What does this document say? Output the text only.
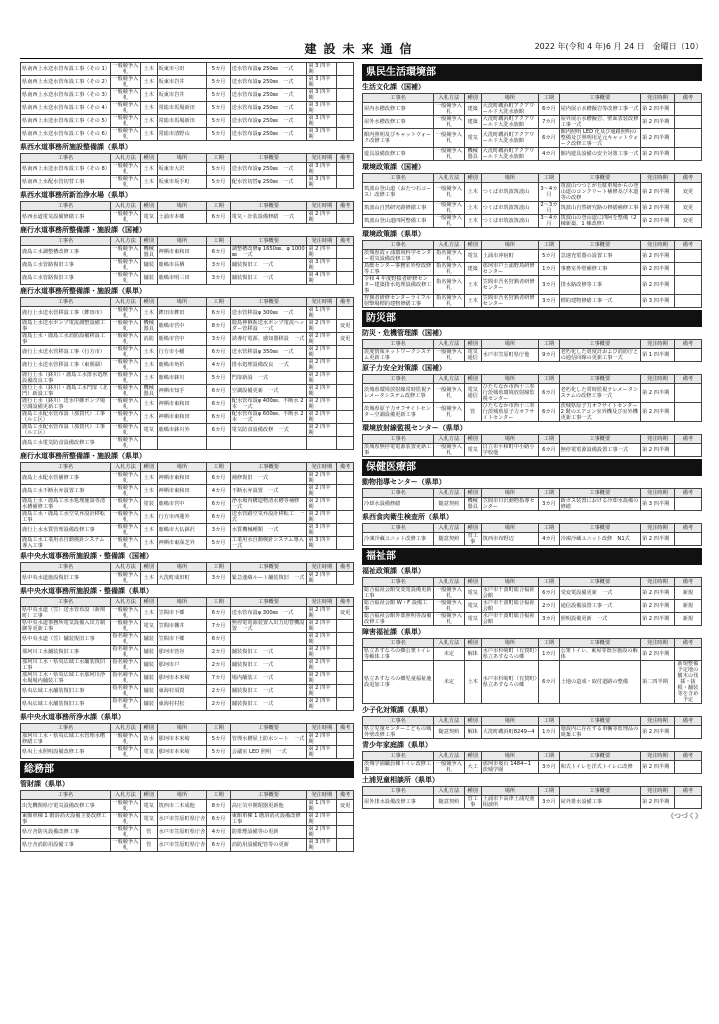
建設未来通信	2022 年(令和 4 年)6 月 24 日　金曜日（10）
県南西上水送水管布設工事（その 1）	一般競争入札	土木	坂東市弓田	5カ月	送水管布設φ 250㎜　一式	第 3 四半期	
県南西上水送水管布設工事（その 2）	一般競争入札	土木	坂東市岩井	5カ月	送水管布設φ 250㎜　一式	第 3 四半期	
県南西上水送水管布設工事（その 3）	一般競争入札	土木	坂東市岩井	5カ月	送水管布設φ 250㎜　一式	第 3 四半期	
県南西上水送水管布設工事（その 4）	一般競争入札	土木	常総市馬場新田	5カ月	送水管布設φ 250㎜　一式	第 3 四半期	
県南西上水送水管布設工事（その 5）	一般競争入札	土木	常総市馬場新田	5カ月	送水管布設φ 250㎜　一式	第 3 四半期	
県南西上水送水管布設工事（その 6）	一般競争入札	土木	常総市清野山	5カ月	送水管布設φ 250㎜　一式	第 3 四半期	
県西水道事務所施設整備課（県単）
工事名	入札方法	種別	場所	工期	工事概要	発注時期	備考
県南西上水送水管布設工事（その 8）	一般競争入札	土木	坂東市大沢	5カ月	送水管布設φ 250㎜　一式	第 3 四半期	
県南西上水配水管切替工事	一般競争入札	土木	坂東市坂手町	5カ月	配水管切替φ 250㎜　一式	第 3 四半期	
県西水道事務所新治浄水場（県単）
工事名	入札方法	種別	場所	工期	工事概要	発注時期	備考
県西水道電気設備修繕工事	一般競争入札	電気	土浦市本郷	6カ月	電気・計装設備修繕　一式	第 2 四半期	
鹿行水道事務所整備課・施設課（国補）
工事名	入札方法	種別	場所	工期	工事概要	発注時期	備考
鹿島工水調整槽改修工事	一般競争入札	機械器具	神栖市東和田	6カ月	調整槽改修φ 1650㎜、φ 1000㎜　一式	第 2 四半期	
鹿島工水管路復旧工事	一般競争入札	舗装	鹿嶋市長栖	3カ月	舗装復旧工　一式	第 3 四半期	
鹿島工水管路復旧工事	一般競争入札	舗装	鹿嶋市明三田	3カ月	舗装復旧工　一式	第 4 四半期	
鹿行水道事務所整備課・施設課（県単）
工事名	入札方法	種別	場所	工期	工事概要	発注時期	備考
鹿行上水送水管移設工事（鉾田市）	一般競争入札	土木	鉾田市鉾田	6カ月	送水管移設φ 300㎜　一式	第 1 四半期	
鹿島上水送水ポンプ電流調整設備工事	一般競争入札	機械器具	鹿嶋市宮中	8カ月	鹿島神栖系送水ポンプ電流ヘッダー管移設　一式	第 2 四半期	変更
鹿島上水・鹿島工水消防設備移設工事	一般競争入札	消防	鹿嶋市宮中	3カ月	誘導灯電源、感知器移設　一式	第 2 四半期	変更
鹿行上水送水管移設工事（行方市）	一般競争入札	土木	行方市小幡	6カ月	送水管移設φ 350㎜　一式	第 2 四半期	
鹿行上水送水管移設工事（東関湖）	一般競争入札	土木	鹿嶋市角折	4カ月	排水処理設備改良　一式	第 2 四半期	
鹿行上水（鉢川）・鹿島工水排水処理設備改良工事	一般競争入札	土木	鹿嶋市鉢川	5カ月	門扉新設　一式	第 2 四半期	
鹿行上水（鉢川）・鹿島工水門扉（北門）新設工事	一般競争入札	機械器具	神栖市知手	6カ月	空調設備更新　一式	第 2 四半期	
鹿行上水（鉢川）送水中継ポンプ場空調設備更新工事	一般競争入札	土木	神栖市東和田	6カ月	配水管布設φ 400㎜、不断水 2 本　一式	第 2 四半期	
鹿島工水配水管布設（那賀代）工事（ル工区）	一般競争入札	土木	神栖市東和田	6カ月	配水管布設φ 600㎜、不断水 2 本　一式	第 2 四半期	
鹿島工水配水管布設（那賀代）工事（ル工区）	一般競争入札	電気	鹿嶋市鉢川外	6カ月	電気防食設備改修　一式	第 2 四半期	
鹿島工水電気防食設備改修工事	一般競争入札						
鹿行水道事務所整備課・施設課（県単）
工事名	入札方法	種別	場所	工期	工事概要	発注時期	備考
鹿島上水配水管補修工事	一般競争入札	土木	神栖市東和田	6カ月	補修復旧　一式	第 2 四半期	
鹿島工水不断水弁設置工事	一般競争入札	土木	神栖市東和田	4カ月	不断水弁設置　一式	第 2 四半期	
鹿島上水・鹿島工水水処理施設等清水槽補修工事	一般競争入札	塗装	鹿嶋市宮中	6カ月	浄水場内構造物清水槽等補修　一式	第 2 四半期	
鹿島工水・鹿島工水空気弁設計移転工事	一般競争入札	土木	行方市西蓮外	6カ月	送水管路空気弁設計移転工　一式	第 2 四半期	
鹿行上水水質管理設備改修工事	一般競争入札	土木	鹿嶋市大仏鉢沢	3カ月	水質機械種類　一式	第 3 四半期	
鹿島工水工業用水自動検針システム導入工事	一般競争入札	土木	神栖市東深芝外	5カ月	工業用水自動検針システム導入　一式	第 3 四半期	
県中央水道事務所施設課・整備課（国補）
工事名	入札方法	種別	場所	工期	工事概要	発注時期	備考
県中央水道施設復旧工事	一般競争入札	土木	大洗町成田町	3カ月	緊急連絡ルート舗装復旧　一式	第 2 四半期	
県中央水道事務所施設課・整備課（県単）
工事名	入札方法	種別	場所	工期	工事概要	発注時期	備考
県中央水道（笠）送水管布設（新関町）工事	一般競争入札	土木	笠間市下郷	6カ月	送水管布設φ 300㎜　一式	第 2 四半期	変更
県中央水道事務所電気設備入出力制御等更新工事	一般競争入札	電気	笠間市棚井	7カ月	無停電電源装置入出力切替機設置　一式	第 2 四半期	
県中央水道（笠）舗装復旧工事	指名競争入札	舗装	笠間市下郷	6カ月		第 2 四半期	
那珂川工水舗装復旧工事	指名競争入札	舗装	那珂市菅谷	2カ月	舗装復旧工　一式	第 2 四半期	
那珂川工水・県央広域工水舗装復旧工事	指名競争入札	舗装	那珂市戸	2カ月	舗装復旧工　一式	第 2 四半期	
那珂川工水・県央広域工水那珂川浄水場場内舗装工事	指名競争入札	舗装	那珂市本米崎	7カ月	場内舗装工　一式	第 2 四半期	
県央広域工水舗装復旧工事	指名競争入札	舗装	東海村須賀	2カ月	舗装復旧工　一式	第 2 四半期	
県央広域工水舗装復旧工事	指名競争入札	舗装	東海村村松	2カ月	舗装復旧工　一式	第 2 四半期	
県中央水道事務所浄水課（県単）
工事名	入札方法	種別	場所	工期	工事概要	発注時期	備考
那珂川工水・県央広域工水管理水槽修繕工事	一般競争入札	防水	那珂市本米崎	5カ月	管理水槽屋上防水シート　一式	第 2 四半期	
県央上水照明設備改修工事	一般競争入札	電気	那珂市本米崎	5カ月	会議室 LED 照明　一式	第 2 四半期	
総務部
管財課（県単）
工事名	入札方法	種別	場所	工期	工事概要	発注時期	備考
出先機関県庁電気設備改修工事	一般競争入札	電気	筑西市二木成他	8カ月	高圧気中開閉器更新他	第 1 四半期	変更
東館車棟 1 階浴消火設備主要改修工事	一般競争入札	電気	水戸市笠原町県庁舎	6カ月	東館車棟 1 階浴消火設備改修工事	第 2 四半期	
県庁舎防災設備改修工事	一般競争入札	管	水戸市笠原町県庁舎	4カ月	防排煙設備等の更新	第 2 四半期	
県庁舎消防用設備工事	一般競争入札	管	水戸市笠原町県庁舎	6カ月	消防用設備配管等の更新	第 3 四半期	
県民生活環境部
生活文化課（国補）
工事名	入札方法	種別	場所	工期	工事概要	発注時期	備考
屋内水槽改修工事	一般競争入札	建築	大洗町磯浜町アクアワールド大洗水族館	6カ月	屋内展示水槽擬岩等改修工事一式	第 2 四半期	
屋外水槽改修工事	一般競争入札	建築	大洗町磯浜町アクアワールド大洗水族館	7カ月	屋外展示水槽擬岩、壁面表装改修工事一式	第 2 四半期	
館内照明及びキャットウォーク改修工事	一般競争入札	電気	大洗町磯浜町アクアワールド大洗水族館	6カ月	館内照明 LED 化及び通路照明の整備及び照明用足元キャットウォーク改修工事一式	第 2 四半期	
遊具設備改修工事	一般競争入札	機械器具	大洗町磯浜町アクアワールド大洗水族館	4カ月	館内遊具設備の安全対策工事一式	第 2 四半期	
環境政策課（国補）
工事名	入札方法	種別	場所	工期	工事概要	発注時期	備考
筑波山登山道（おたつ石コース）改修工事	一般競争入札	土木	つくば市筑波筑波山	3〜4カ月	筑波山つつじが丘駐車場からの登山道のコンクリート補修及び木道等の改修	第 2 四半期	変更
筑波山自然研究路修繕工事	一般競争入札	土木	つくば市筑波筑波山	2〜3カ月	筑波山自然研究路の修繕補修工事	第 2 四半期	変更
筑波山登山道四阿整備工事	一般競争入札	土木	つくば市筑波筑波山	3〜4カ月	筑波山の登山道に四阿を整備（2 棟新築、1 棟改修）	第 2 四半期	変更
環境政策課（県単）
工事名	入札方法	種別	場所	工期	工事概要	発注時期	備考
茨城県霞ヶ浦環境科学センター電気設備改修工事	指名競争入札	電気	土浦市沖宿町	5カ月	急速充電器の設置工事	第 2 四半期	
鳥獣センター事務室外壁改修等工事	指名競争入札	建築	那珂市戸土浦野鳥研修センター	1カ月	事務室外壁補修工事	第 2 四半期	
令和 4 年度野猿者研修センター建築排水処理設備改修工事	指名競争入札	土木	笠間市吾名狩猟者研修センター	3カ月	排水路改修等工事	第 2 四半期	
狩猟者研修センターライフル射撃場標的建物修繕工事	指名競争入札	土木	笠間市吾名狩猟者研修センター	3カ月	標的建物修繕工事一式	第 3 四半期	
防災部
防災・危機管理課（国補）
工事名	入札方法	種別	場所	工期	工事概要	発注時期	備考
震度情報ネットワークシステム更新工事	一般競争入札	電気通信	水戸市笠原町県庁他	9カ月	老朽化した震度計および消防庁との通信回線の更新工事一式	第 1 四半期	
原子力安全対策課（国補）
工事名	入札方法	種別	場所	工期	工事概要	発注時期	備考
茨城県環境放射線常時監視テレメータシステム改修工事	一般競争入札	電気通信	ひたちなか市西十三奉行茨城県環境放射線監視センター	6カ月	老朽化した常時監視テレメータシステムの改修工事一式	第 2 四半期	
茨城県原子力オフサイトセンター空調設備更新工事	一般競争入札	管	ひたちなか市西十三奉行茨城県原子力オフサイトセンター	6カ月	茨城県原子力オフサイトセンター 2 階のエアコン室外機及び室外機更新工事一式	第 2 四半期	
環境放射線監視センター（県単）
工事名	入札方法	種別	場所	工期	工事概要	発注時期	備考
茨城県無停電電源装置更新工事	一般競争入札	電気	日立市平和町中小路小学校他	6カ月	無停電電源設備設置工事一式	第 2 四半期	
保健医療部
動物指導センター（県単）
工事名	入札方法	種別	場所	工期	工事概要	発注時期	備考
冷却水設備修繕	随意契約	機械器具	笠間市日沢動物指導センター	3カ月	鋳ガス装置における冷却水設備の修繕	第 3 四半期	
県西食肉衛生検査所（県単）
工事名	入札方法	種別	場所	工期	工事概要	発注時期	備考
冷凍冷蔵ユニット改修工事	随意契約	管工事	筑西市布野辺	4カ月	冷凍冷蔵ユニット改修　N1式	第 2 四半期	
福祉部
福祉政策課（県単）
工事名	入札方法	種別	場所	工期	工事概要	発注時期	備考
総合福祉会館受変電設備更新工事	一般競争入札	電気	水戸市千波町総合福祉会館	6カ月	受変電設備更新　一式	第 2 四半期	新規
総合福祉会館 W・F 設備工事	一般競争入札	電気	水戸市千波町総合福祉会館	2カ月	通信設備設置工事一式	第 2 四半期	新規
総合福祉会館外部照明等設備改修工事	一般競争入札	電気	水戸市千波町総合福祉会館	3カ月	照明設備更新　一式	第 2 四半期	新規
障害福祉課（県単）
工事名	入札方法	種別	場所	工期	工事概要	発注時期	備考
県立あすなろの郷公衆トイレ等解体工事	未定	解体	水戸市杉崎町（有賀町）県立あすなろの郷	1カ月	公衆トイレ、東屋等既存施設の解体	第 2 四半期	
県立あすなろの郷児童福祉施設追加工事	未定	土木	水戸市杉崎町（有賀町）県立あすなろの郷	6カ月	土地の造成・取付道路の整備	第二四半期	新規整備予定地の樹木の伐採・抜根・舗装等を含め予定
少子化対策課（県単）
工事名	入札方法	種別	場所	工期	工事概要	発注時期	備考
県立児童センターこどもの城外壁改修工事	随意契約	解体	大洗町磯浜町8249−4	1カ月	施設内に存在する車輛等監理品の廃棄工事	第 2 四半期	
青少年家庭課（県単）
工事名	入札方法	種別	場所	工期	工事概要	発注時期	備考
茨城学園職員棟トイレ改修工事	一般競争入札	大工	那珂市後台 1484−1 茨城学園	3カ月	和式トイレを洋式トイレに改修	第 2 四半期	
土浦児童相談所（県単）
工事名	入札方法	種別	場所	工期	工事概要	発注時期	備考
屋外排水設備改修工事	随意契約	管工事	土浦市下高津土浦児童相談所	3カ月	屋外排水設備工事	第 2 四半期	
《つづく》
